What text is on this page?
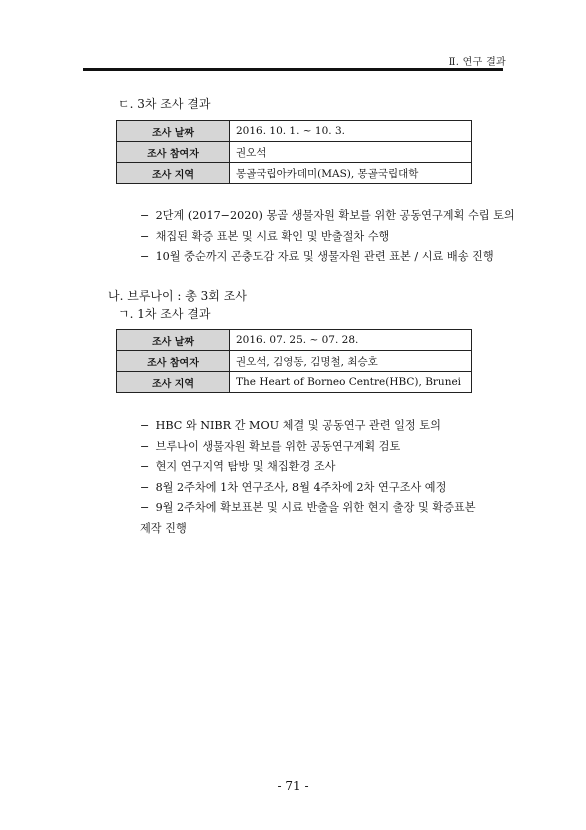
Ⅱ. 연구 결과
ㄷ. 3차 조사 결과
조사 날짜	2016. 10. 1. ~ 10. 3.
조사 참여자	권오석
조사 지역	몽골국립아카데미(MAS), 몽골국립대학
− 2단계 (2017−2020) 몽골 생물자원 확보를 위한 공동연구계획 수립 토의
− 채집된 확증 표본 및 시료 확인 및 반출절차 수행
− 10월 중순까지 곤충도감 자료 및 생물자원 관련 표본 / 시료 배송 진행
나. 브루나이 : 총 3회 조사
ㄱ. 1차 조사 결과
조사 날짜	2016. 07. 25. ~ 07. 28.
조사 참여자	권오석, 김영동, 김명철, 최승호
조사 지역	The Heart of Borneo Centre(HBC), Brunei
− HBC 와 NIBR 간 MOU 체결 및 공동연구 관련 일정 토의
− 브루나이 생물자원 확보를 위한 공동연구계획 검토
− 현지 연구지역 탐방 및 채집환경 조사
− 8월 2주차에 1차 연구조사, 8월 4주차에 2차 연구조사 예정
− 9월 2주차에 확보표본 및 시료 반출을 위한 현지 출장 및 확증표본
제작 진행
- 71 -
